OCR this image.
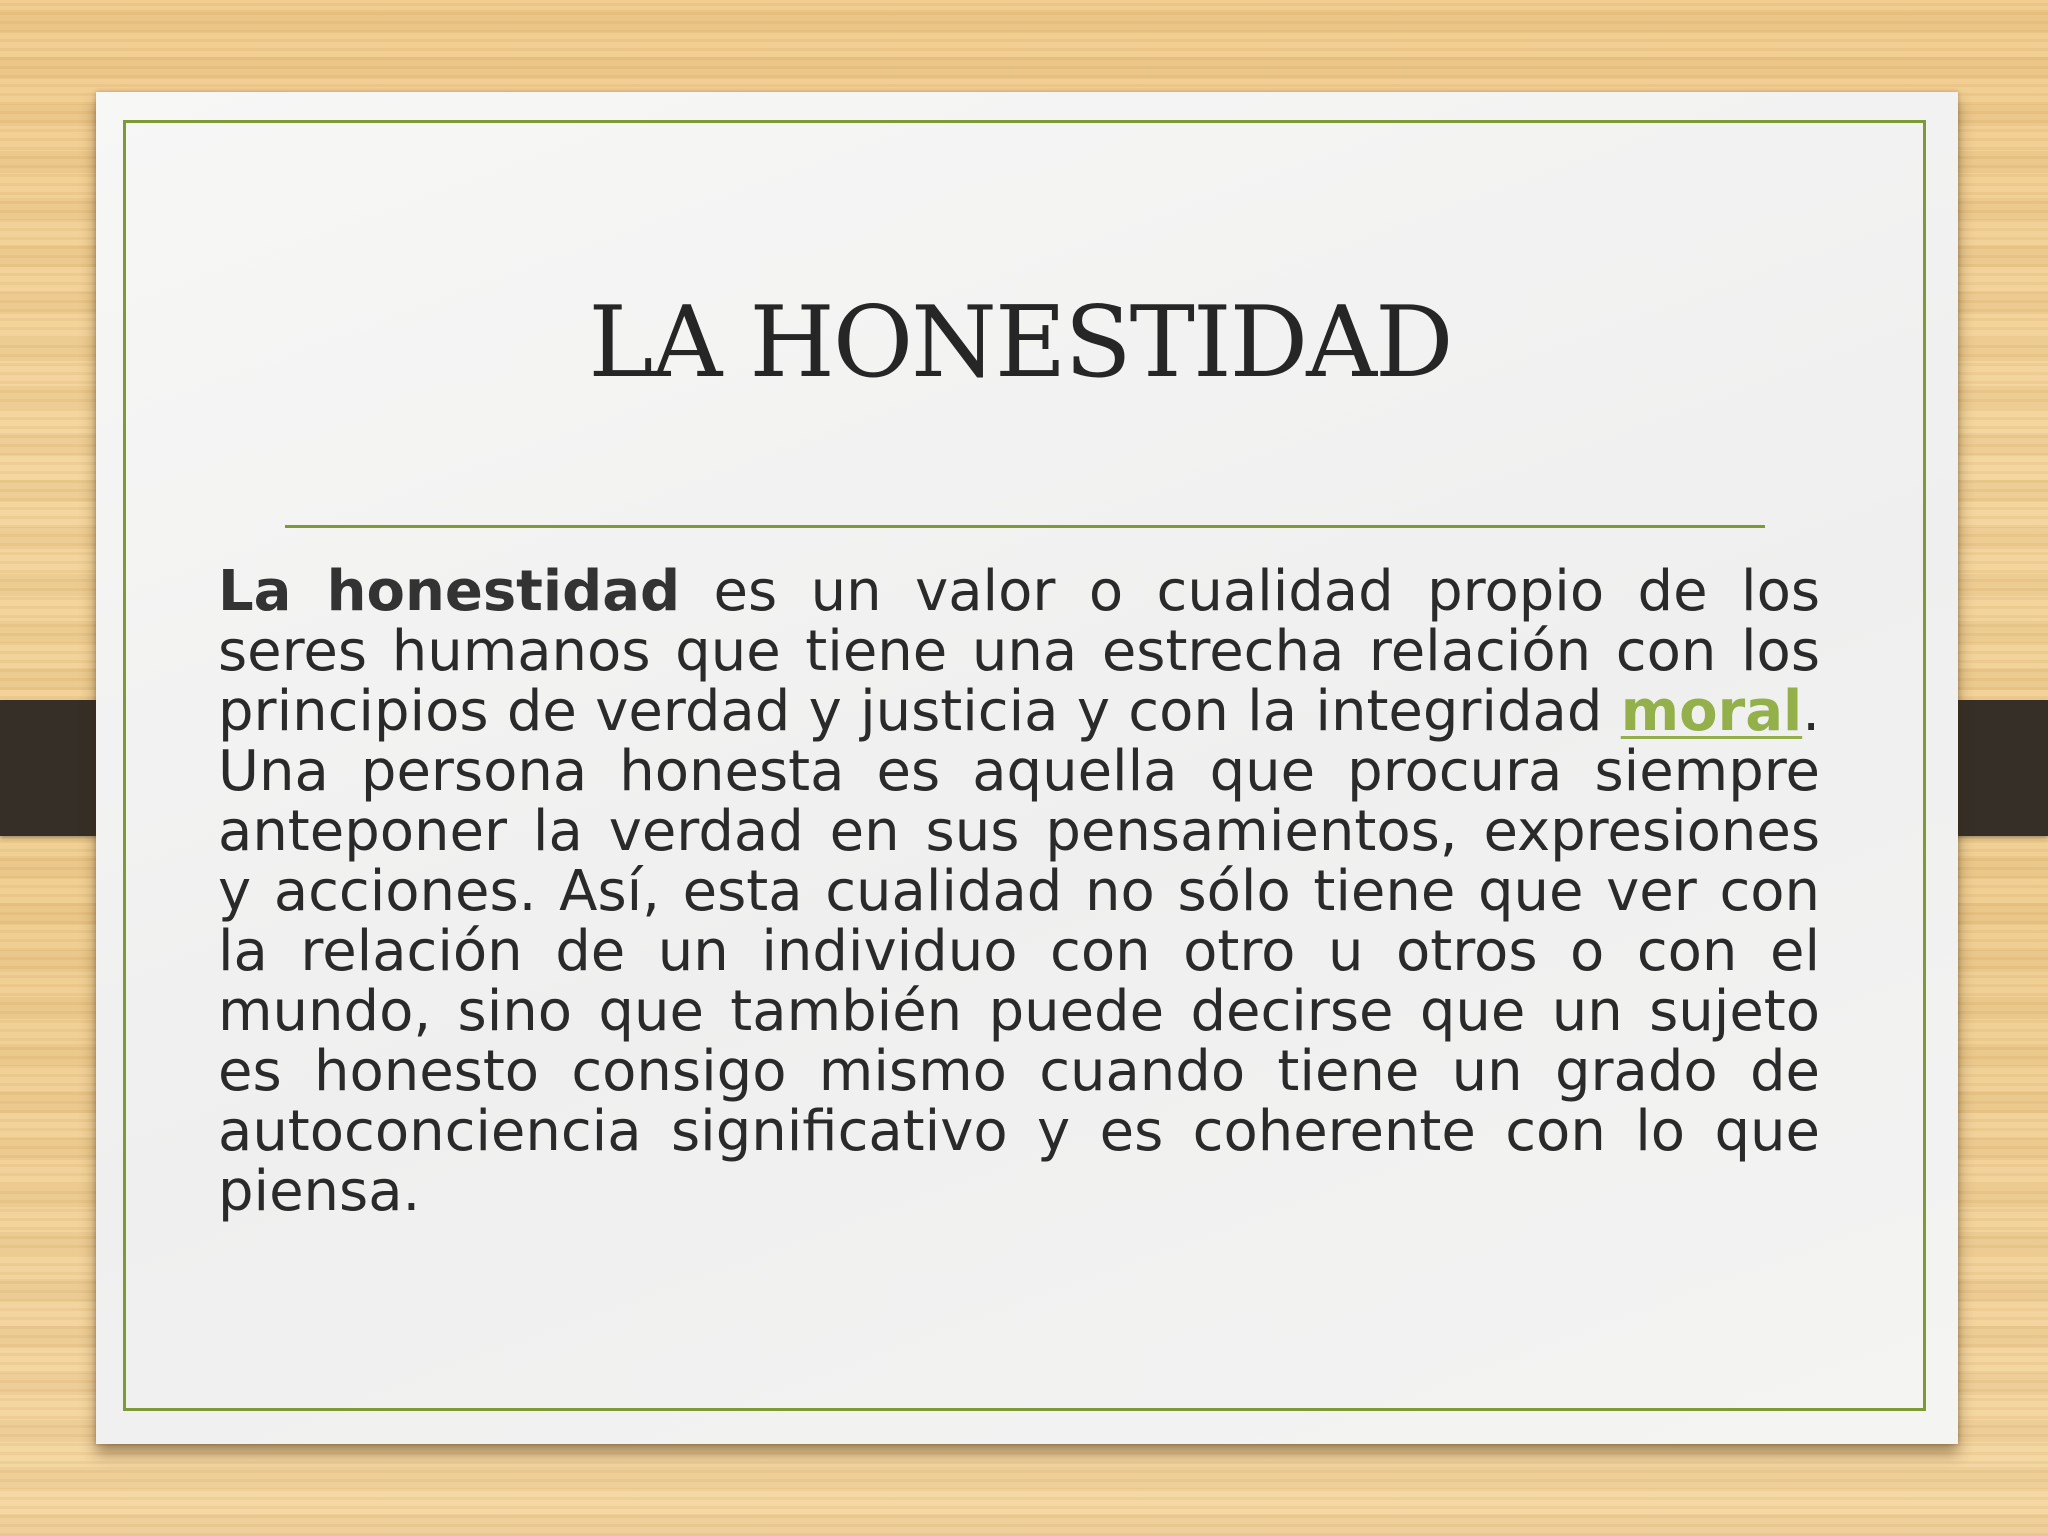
LA HONESTIDAD

La honestidad es un valor o cualidad propio de los seres humanos que tiene una estrecha relación con los principios de verdad y justicia y con la integridad moral. Una persona honesta es aquella que procura siempre anteponer la verdad en sus pensamientos, expresiones y acciones. Así, esta cualidad no sólo tiene que ver con la relación de un individuo con otro u otros o con el mundo, sino que también puede decirse que un sujeto es honesto consigo mismo cuando tiene un grado de autoconciencia significativo y es coherente con lo que piensa.
